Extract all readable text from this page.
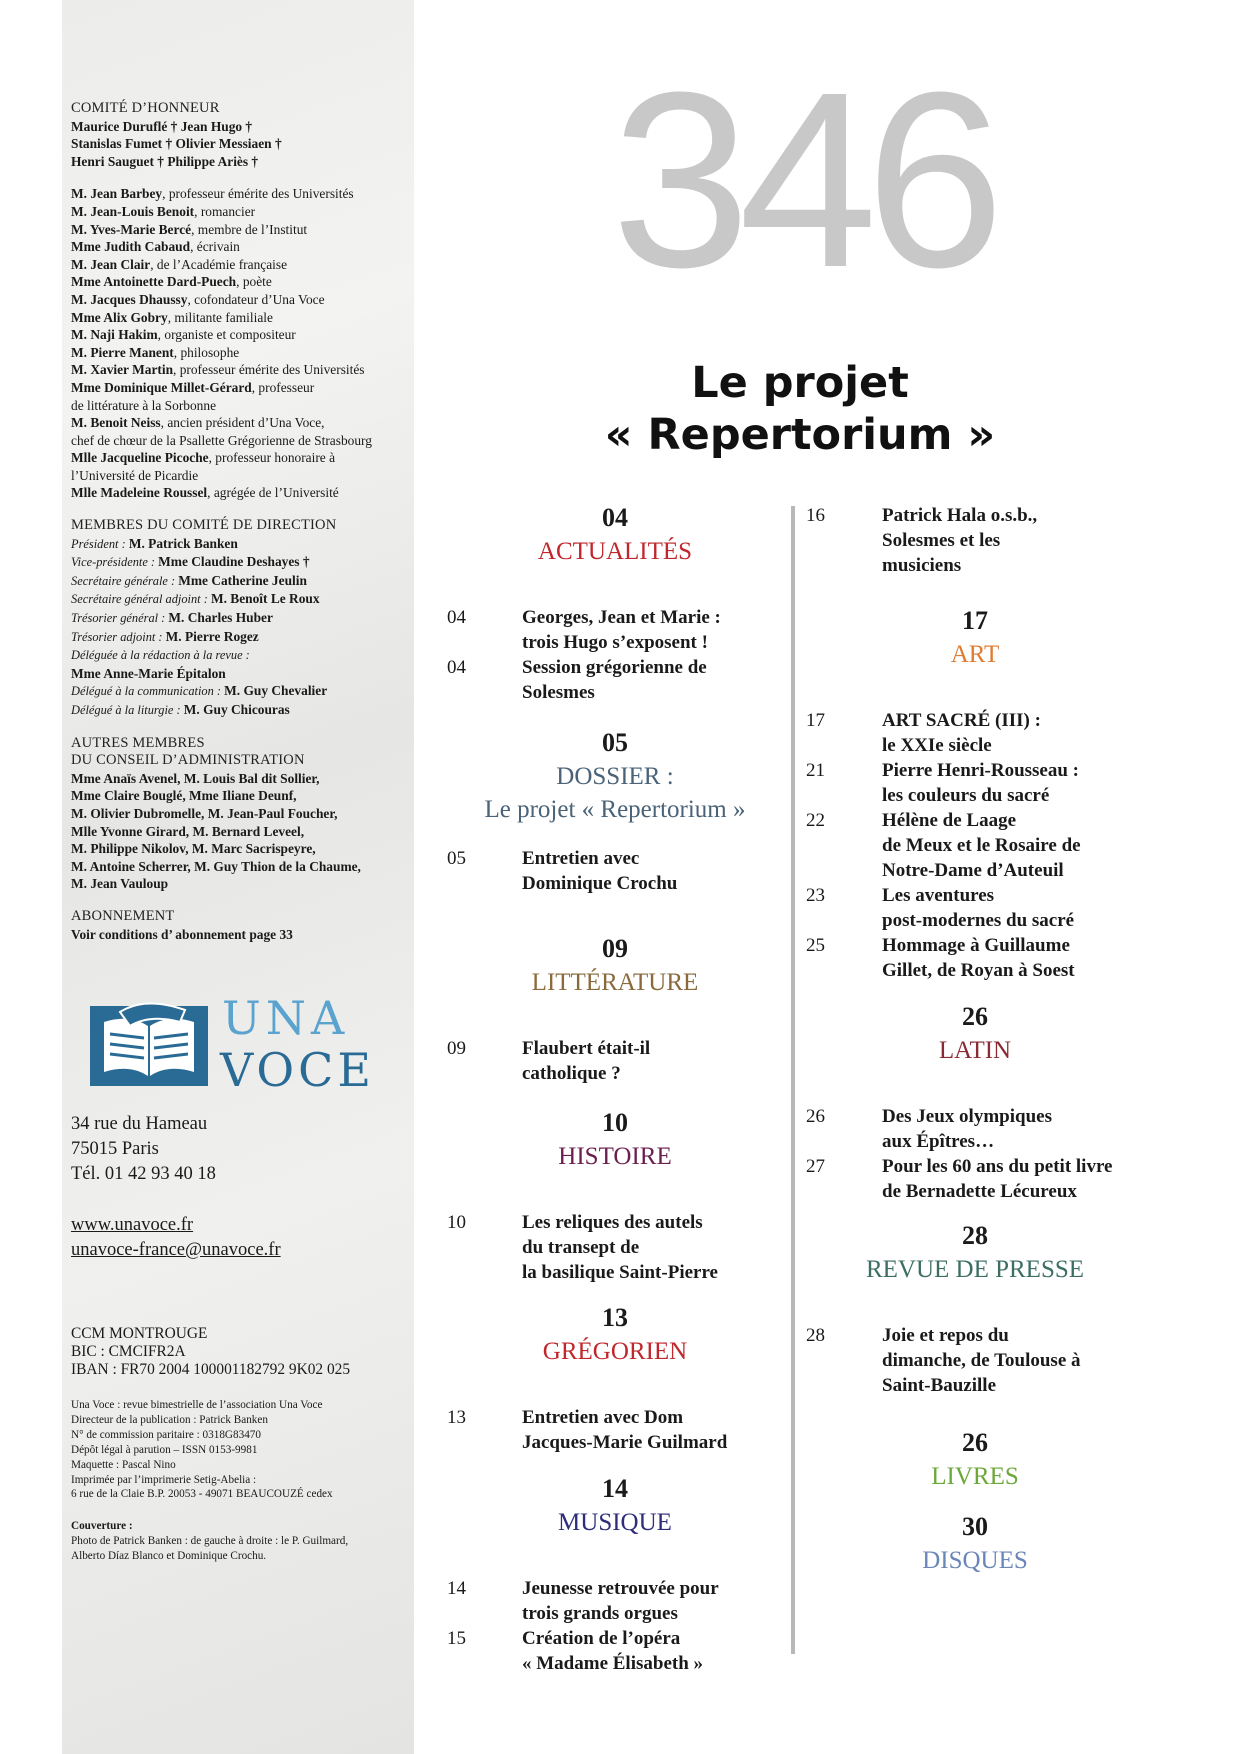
COMITÉ D’HONNEUR
Maurice Duruflé † Jean Hugo †
Stanislas Fumet † Olivier Messiaen †
Henri Sauguet † Philippe Ariès †
M. Jean Barbey, professeur émérite des Universités
M. Jean-Louis Benoit, romancier
M. Yves-Marie Bercé, membre de l’Institut
Mme Judith Cabaud, écrivain
M. Jean Clair, de l’Académie française
Mme Antoinette Dard-Puech, poète
M. Jacques Dhaussy, cofondateur d’Una Voce
Mme Alix Gobry, militante familiale
M. Naji Hakim, organiste et compositeur
M. Pierre Manent, philosophe
M. Xavier Martin, professeur émérite des Universités
Mme Dominique Millet-Gérard, professeur
de littérature à la Sorbonne
M. Benoit Neiss, ancien président d’Una Voce,
chef de chœur de la Psallette Grégorienne de Strasbourg
Mlle Jacqueline Picoche, professeur honoraire à
l’Université de Picardie
Mlle Madeleine Roussel, agrégée de l’Université
MEMBRES DU COMITÉ DE DIRECTION
Président : M. Patrick Banken
Vice-présidente : Mme Claudine Deshayes †
Secrétaire générale : Mme Catherine Jeulin
Secrétaire général adjoint : M. Benoît Le Roux
Trésorier général : M. Charles Huber
Trésorier adjoint : M. Pierre Rogez
Déléguée à la rédaction à la revue :
Mme Anne-Marie Épitalon
Délégué à la communication : M. Guy Chevalier
Délégué à la liturgie : M. Guy Chicouras
AUTRES MEMBRES
DU CONSEIL D’ADMINISTRATION
Mme Anaïs Avenel, M. Louis Bal dit Sollier,
Mme Claire Bouglé, Mme Iliane Deunf,
M. Olivier Dubromelle, M. Jean-Paul Foucher,
Mlle Yvonne Girard, M. Bernard Leveel,
M. Philippe Nikolov, M. Marc Sacrispeyre,
M. Antoine Scherrer, M. Guy Thion de la Chaume,
M. Jean Vauloup
ABONNEMENT
Voir conditions d’ abonnement page 33
UNA
VOCE
34 rue du Hameau
75015 Paris
Tél. 01 42 93 40 18
www.unavoce.fr
unavoce-france@unavoce.fr
CCM MONTROUGE
BIC : CMCIFR2A
IBAN : FR70 2004 100001182792 9K02 025
Una Voce : revue bimestrielle de l’association Una Voce
Directeur de la publication : Patrick Banken
N° de commission paritaire : 0318G83470
Dépôt légal à parution – ISSN 0153-9981
Maquette : Pascal Nino
Imprimée par l’imprimerie Setig-Abelia :
6 rue de la Claie B.P. 20053 - 49071 BEAUCOUZÉ cedex
Couverture :
Photo de Patrick Banken : de gauche à droite : le P. Guilmard,
Alberto Díaz Blanco et Dominique Crochu.
346
Le projet
« Repertorium »
04
ACTUALITÉS
04	Georges, Jean et Marie :
trois Hugo s’exposent !
04	Session grégorienne de
Solesmes
05
DOSSIER :
Le projet « Repertorium »
05	Entretien avec
Dominique Crochu
09
LITTÉRATURE
09	Flaubert était-il
catholique ?
10
HISTOIRE
10	Les reliques des autels
du transept de
la basilique Saint-Pierre
13
GRÉGORIEN
13	Entretien avec Dom
Jacques-Marie Guilmard
14
MUSIQUE
14	Jeunesse retrouvée pour
trois grands orgues
15	Création de l’opéra
« Madame Élisabeth »
16	Patrick Hala o.s.b.,
Solesmes et les
musiciens
17
ART
17	ART SACRÉ (III) :
le XXIe siècle
21	Pierre Henri-Rousseau :
les couleurs du sacré
22	Hélène de Laage
de Meux et le Rosaire de
Notre-Dame d’Auteuil
23	Les aventures
post-modernes du sacré
25	Hommage à Guillaume
Gillet, de Royan à Soest
26
LATIN
26	Des Jeux olympiques
aux Épîtres…
27	Pour les 60 ans du petit livre
de Bernadette Lécureux
28
REVUE DE PRESSE
28	Joie et repos du
dimanche, de Toulouse à
Saint-Bauzille
26
LIVRES
30
DISQUES
